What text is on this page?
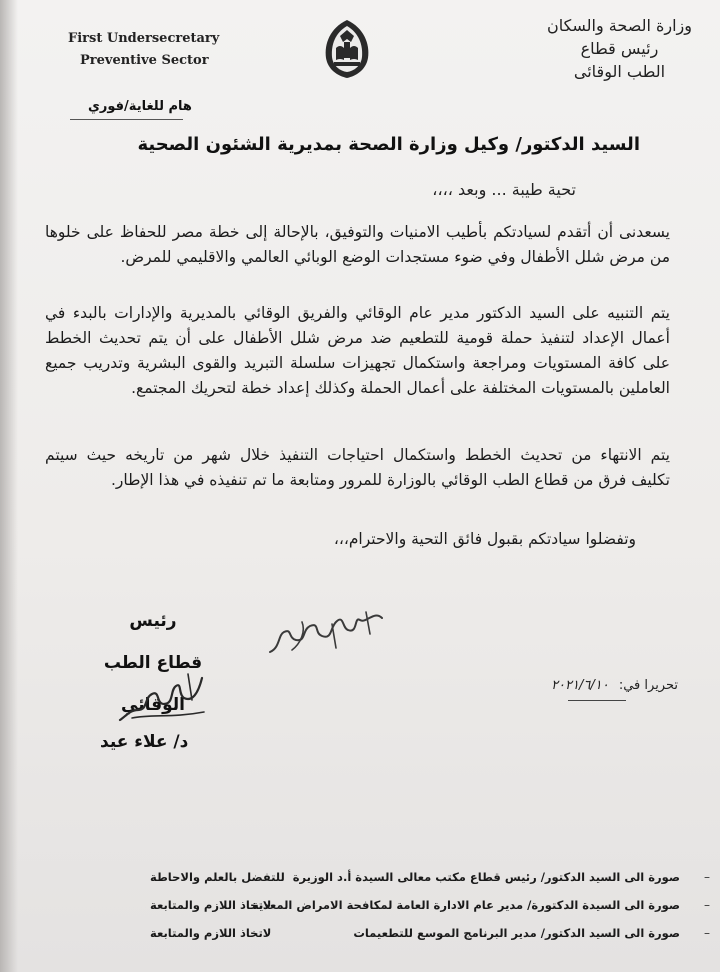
First Undersecretary
Preventive Sector
وزارة الصحة والسكان
رئيس قطاع
الطب الوقائى
هام للغاية/فوري
السيد الدكتور/ وكيل وزارة الصحة بمديرية الشئون الصحية
تحية طيبة ... وبعد ،،،،
يسعدنى أن أتقدم لسيادتكم بأطيب الامنيات والتوفيق، بالإحالة إلى خطة مصر للحفاظ على خلوها
من مرض شلل الأطفال وفي ضوء مستجدات الوضع الوبائي العالمي والاقليمي للمرض.
يتم التنبيه على السيد الدكتور مدير عام الوقائي والفريق الوقائي بالمديرية والإدارات بالبدء في
أعمال الإعداد لتنفيذ حملة قومية للتطعيم ضد مرض شلل الأطفال على أن يتم تحديث الخطط
على كافة المستويات ومراجعة واستكمال تجهيزات سلسلة التبريد والقوى البشرية وتدريب جميع
العاملين بالمستويات المختلفة على أعمال الحملة وكذلك إعداد خطة لتحريك المجتمع.
يتم الانتهاء من تحديث الخطط واستكمال احتياجات التنفيذ خلال شهر من تاريخه حيث سيتم
تكليف فرق من قطاع الطب الوقائي بالوزارة للمرور ومتابعة ما تم تنفيذه في هذا الإطار.
وتفضلوا سيادتكم بقبول فائق التحية والاحترام،،،
رئيس
قطاع الطب الوقائي
د/ علاء عيد
تحريرا في: ٢٠٢١/٦/١٠
–
صورة الى السيد الدكتور/ رئيس قطاع مكتب معالى السيدة أ.د الوزيرة
للتفضل بالعلم والاحاطة
–
صورة الى السيدة الدكتورة/ مدير عام الادارة العامة لمكافحة الامراض المعدية
لاتخاذ اللازم والمتابعة
–
صورة الى السيد الدكتور/ مدير البرنامج الموسع للتطعيمات
لاتخاذ اللازم والمتابعة
